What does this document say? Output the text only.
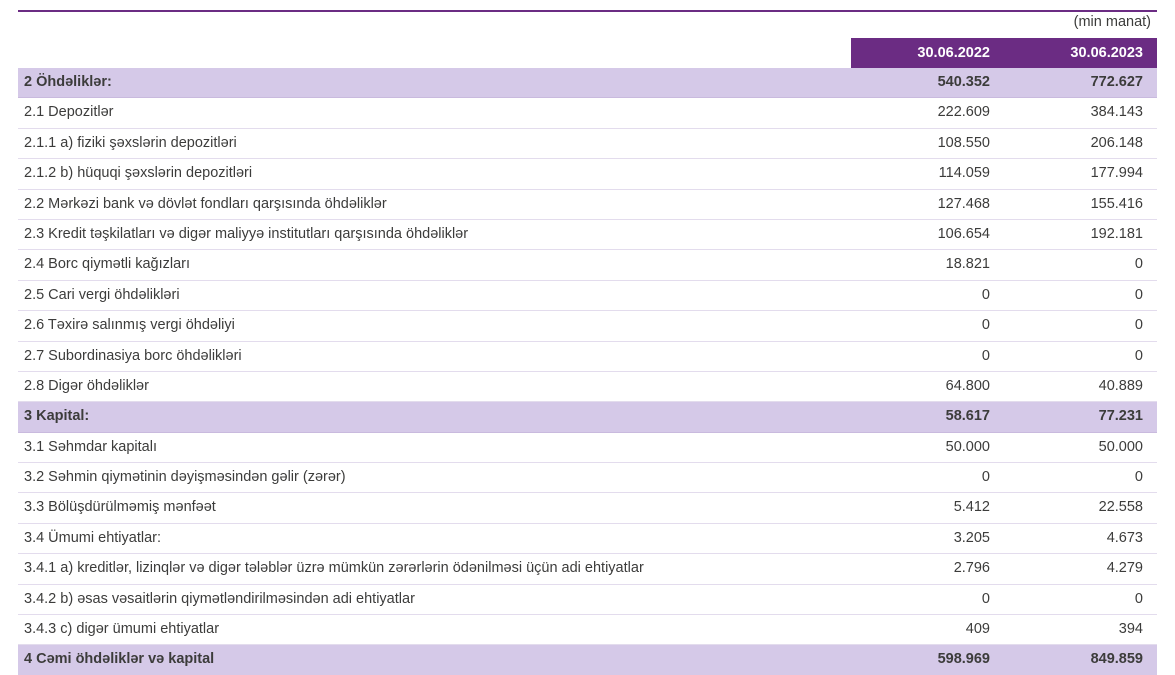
(min manat)
	30.06.2022	30.06.2023
2 Öhdəliklər:	540.352	772.627
2.1 Depozitlər	222.609	384.143
2.1.1 a) fiziki şəxslərin depozitləri	108.550	206.148
2.1.2 b) hüquqi şəxslərin depozitləri	114.059	177.994
2.2 Mərkəzi bank və dövlət fondları qarşısında öhdəliklər	127.468	155.416
2.3 Kredit təşkilatları və digər maliyyə institutları qarşısında öhdəliklər	106.654	192.181
2.4 Borc qiymətli kağızları	18.821	0
2.5 Cari vergi öhdəlikləri	0	0
2.6 Təxirə salınmış vergi öhdəliyi	0	0
2.7 Subordinasiya borc öhdəlikləri	0	0
2.8 Digər öhdəliklər	64.800	40.889
3 Kapital:	58.617	77.231
3.1 Səhmdar kapitalı	50.000	50.000
3.2 Səhmin qiymətinin dəyişməsindən gəlir (zərər)	0	0
3.3 Bölüşdürülməmiş mənfəət	5.412	22.558
3.4 Ümumi ehtiyatlar:	3.205	4.673
3.4.1 a) kreditlər, lizinqlər və digər tələblər üzrə mümkün zərərlərin ödənilməsi üçün adi ehtiyatlar	2.796	4.279
3.4.2 b) əsas vəsaitlərin qiymətləndirilməsindən adi ehtiyatlar	0	0
3.4.3 c) digər ümumi ehtiyatlar	409	394
4 Cəmi öhdəliklər və kapital	598.969	849.859
